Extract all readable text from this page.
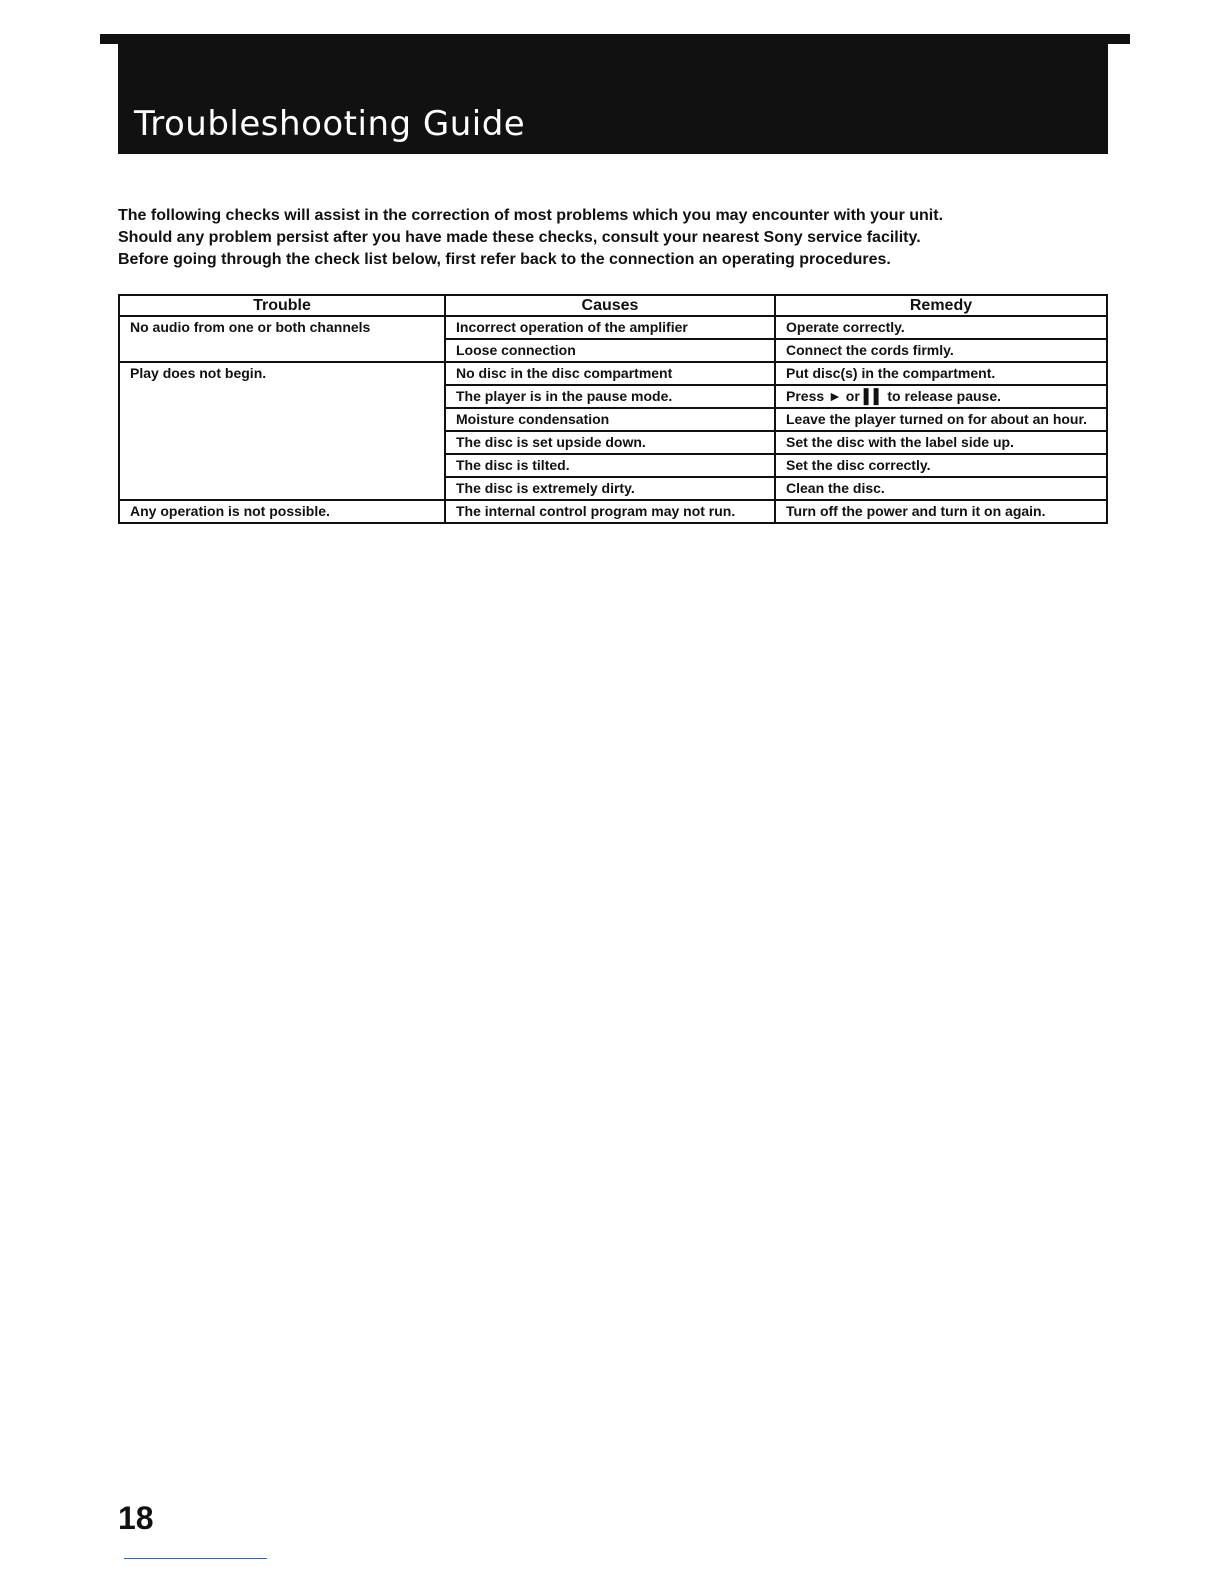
Troubleshooting Guide
The following checks will assist in the correction of most problems which you may encounter with your unit.
Should any problem persist after you have made these checks, consult your nearest Sony service facility.
Before going through the check list below, first refer back to the connection an operating procedures.
Trouble	Causes	Remedy
No audio from one or both channels	Incorrect operation of the amplifier	Operate correctly.
	Loose connection	Connect the cords firmly.
Play does not begin.	No disc in the disc compartment	Put disc(s) in the compartment.
	The player is in the pause mode.	Press ► or ▌▌ to release pause.
	Moisture condensation	Leave the player turned on for about an hour.
	The disc is set upside down.	Set the disc with the label side up.
	The disc is tilted.	Set the disc correctly.
	The disc is extremely dirty.	Clean the disc.
Any operation is not possible.	The internal control program may not run.	Turn off the power and turn it on again.
18
